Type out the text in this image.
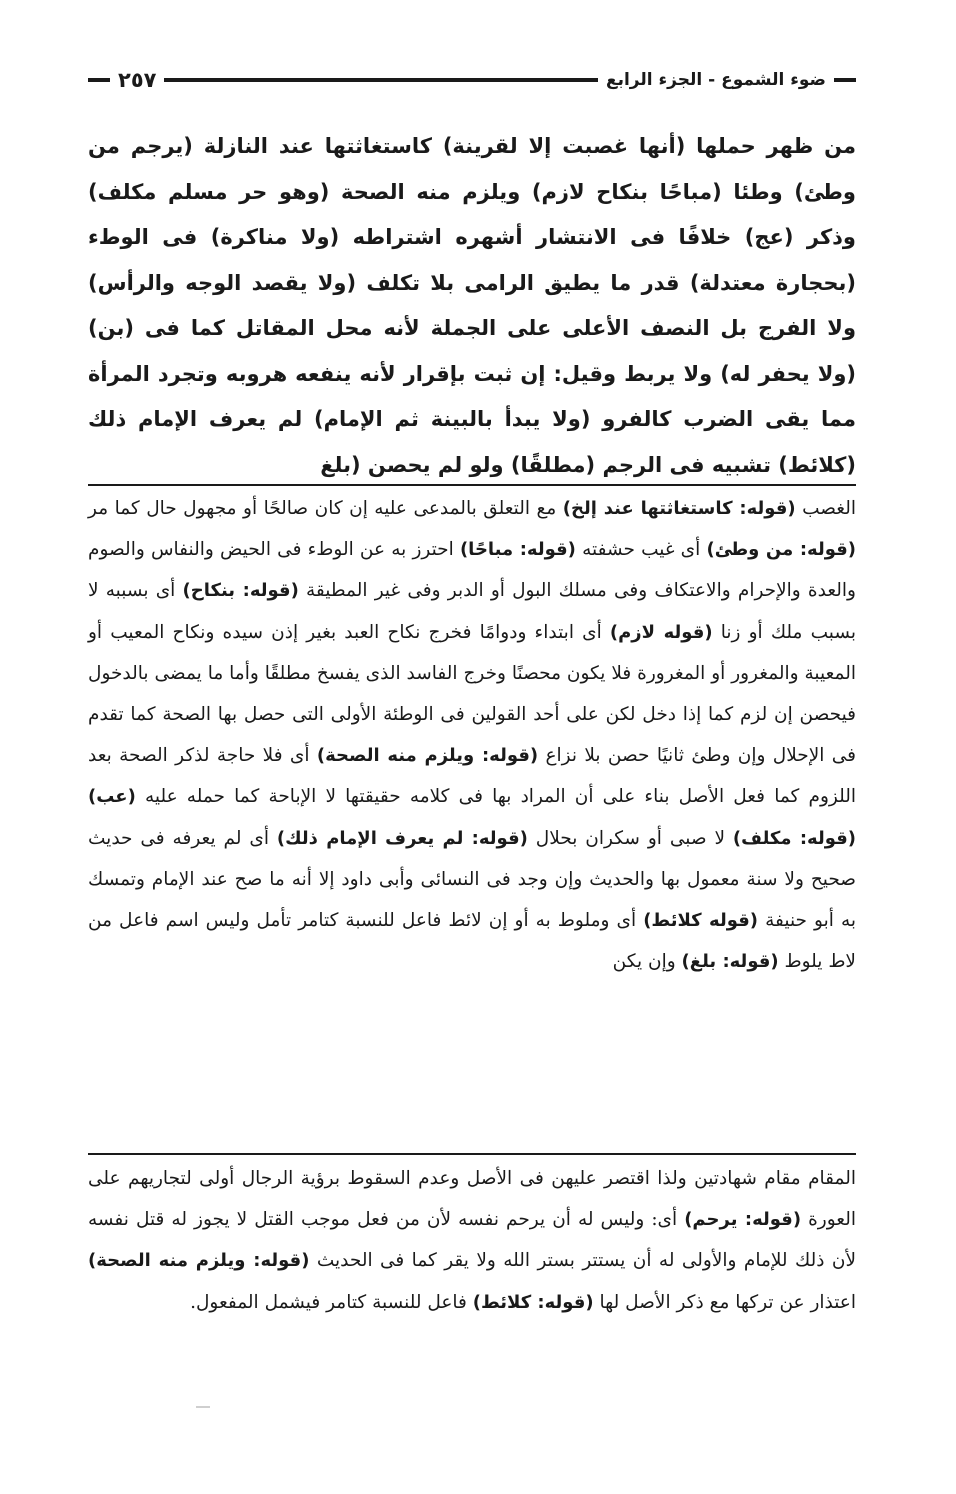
ضوء الشموع - الجزء الرابع
٢٥٧

من ظهر حملها (أنها غصبت إلا لقرينة) كاستغاثتها عند النازلة (يرجم من وطئ) وطئا (مباحًا بنكاح لازم) ويلزم منه الصحة (وهو حر مسلم مكلف) وذكر (عج) خلافًا فى الانتشار أشهره اشتراطه (ولا مناكرة) فى الوطء (بحجارة معتدلة) قدر ما يطيق الرامى بلا تكلف (ولا يقصد الوجه والرأس) ولا الفرج بل النصف الأعلى على الجملة لأنه محل المقاتل كما فى (بن) (ولا يحفر له) ولا يربط وقيل: إن ثبت بإقرار لأنه ينفعه هروبه وتجرد المرأة مما يقى الضرب كالفرو (ولا يبدأ بالبينة ثم الإمام) لم يعرف الإمام ذلك (كلائط) تشبيه فى الرجم (مطلقًا) ولو لم يحصن (بلغ

الغصب (قوله: كاستغاثتها عند إلخ) مع التعلق بالمدعى عليه إن كان صالحًا أو مجهول حال كما مر (قوله: من وطئ) أى غيب حشفته (قوله: مباحًا) احترز به عن الوطء فى الحيض والنفاس والصوم والعدة والإحرام والاعتكاف وفى مسلك البول أو الدبر وفى غير المطيقة (قوله: بنكاح) أى بسببه لا بسبب ملك أو زنا (قوله لازم) أى ابتداء ودوامًا فخرج نكاح العبد بغير إذن سيده ونكاح المعيب أو المعيبة والمغرور أو المغرورة فلا يكون محصنًا وخرج الفاسد الذى يفسخ مطلقًا وأما ما يمضى بالدخول فيحصن إن لزم كما إذا دخل لكن على أحد القولين فى الوطئة الأولى التى حصل بها الصحة كما تقدم فى الإحلال وإن وطئ ثانيًا حصن بلا نزاع (قوله: ويلزم منه الصحة) أى فلا حاجة لذكر الصحة بعد اللزوم كما فعل الأصل بناء على أن المراد بها فى كلامه حقيقتها لا الإباحة كما حمله عليه (عب) (قوله: مكلف) لا صبى أو سكران بحلال (قوله: لم يعرف الإمام ذلك) أى لم يعرفه فى حديث صحيح ولا سنة معمول بها والحديث وإن وجد فى النسائى وأبى داود إلا أنه ما صح عند الإمام وتمسك به أبو حنيفة (قوله كلائط) أى وملوط به أو إن لائط فاعل للنسبة كتامر تأمل وليس اسم فاعل من لاط يلوط (قوله: بلغ) وإن يكن

المقام مقام شهادتين ولذا اقتصر عليهن فى الأصل وعدم السقوط برؤية الرجال أولى لتجاريهم على العورة (قوله: يرحم) أى: وليس له أن يرحم نفسه لأن من فعل موجب القتل لا يجوز له قتل نفسه لأن ذلك للإمام والأولى له أن يستتر بستر الله ولا يقر كما فى الحديث (قوله: ويلزم منه الصحة) اعتذار عن تركها مع ذكر الأصل لها (قوله: كلائط) فاعل للنسبة كتامر فيشمل المفعول.
